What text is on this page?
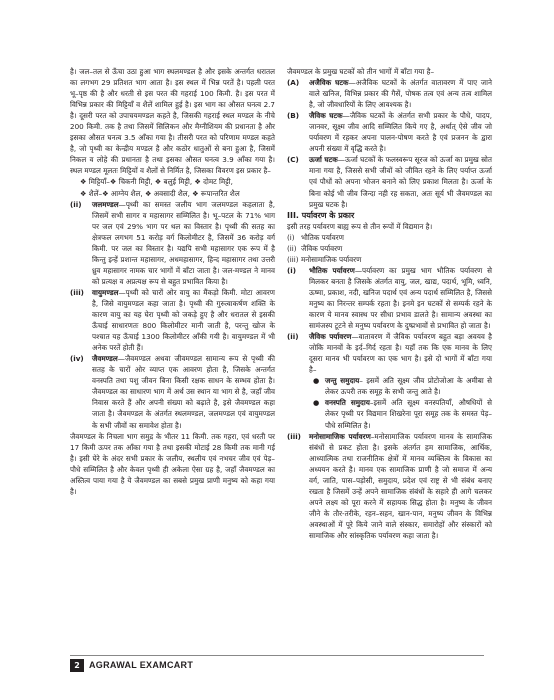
है। जल–तल से ऊँचा उठा हुआ भाग स्थलमण्डल है और इसके अन्तर्गत धरातल का लगभग 29 प्रतिशत भाग आता है। इस स्थल में भिन्न परतें है। पहली परत भू–पृष्ठ की है और धरती से इस परत की गहराई 100 किमी. है। इस परत में विभिन्न प्रकार की मिट्टियाँ व शैलें शामिल हुई है। इस भाग का औसत घनत्व 2.7 है। दूसरी परत को उपाचयमण्डल कहते है, जिसकी गहराई स्थल मण्डल के नीचे 200 किमी. तक है तथा जिसमें सिलिकन और मैग्नीशियम की प्रधानता है और इसका औसत घनत्व 3.5 आँका गया है। तीसरी परत को परिणाम मण्डल कहते है, जो पृथ्वी का केन्द्रीय मण्डल है और कठोर धातुओं से बना हुआ है, जिसमें निकल व लोहे की प्रधानता है तथा इसका औसत घनत्व 3.9 आँका गया है। स्थल मण्डल मूलतः मिट्टियों व शैलों से निर्मित है, जिसका विवरण इस प्रकार है–

❖ मिट्टियाँ–❖ चिकनी मिट्टी, ❖ बलुई मिट्टी, ❖ दोमट मिट्टी,

❖ शैलें–❖ आग्नेय शैल, ❖ अवसादी शैल, ❖ रूपान्तरित शैल

(ii) जलमण्डल—पृथ्वी का समस्त जलीय भाग जलमण्डल कहलाता है, जिसमें सभी सागर व महासागर सम्मिलित है। भू–पटल के 71% भाग पर जल एवं 29% भाग पर थल का विस्तार है। पृथ्वी की सतह का क्षेत्रफल लगभग 51 करोड़ वर्ग किलोमीटर है, जिसमें 36 करोड़ वर्ग किमी. पर जल का विस्तार है। यद्यपि सभी महासागर एक रूप में है किन्तु इन्हें प्रशान्त महासागर, अधमहासागर, हिन्द महासागर तथा उत्तरी ध्रुव महासागर नामक चार भागों में बाँटा जाता है। जल-मण्डल ने मानव को प्रत्यक्ष व अप्रत्यक्ष रूप से बहुत प्रभावित किया है।

(iii) वायुमण्डल—पृथ्वी को चारों ओर वायु का मैंकड़ो किमी. मोटा आवरण है, जिसे वायुमण्डल कहा जाता है। पृथ्वी की गुरुत्वाकर्षण शक्ति के कारण वायु का यह घेरा पृथ्वी को जकड़े हुए है और धरातल से इसकी ऊँचाई साधारणतः 800 किलोमीटर मानी जाती है, परन्तु खोज के पश्चात यह ऊँचाई 1300 किलोमीटर आँकी गयी है। वायुमण्डल में भी अनेक परतें होती हैं।

(iv) जैवमण्डल—जैवमण्डल अथवा जीवमण्डल सामान्य रूप से पृथ्वी की सतह के चारों ओर व्याप्त एक आवरण होता है, जिसके अन्तर्गत वनस्पति तथा पशु जीवन बिना किसी रक्षक साधन के सम्भव होता है। जैवमण्डल का साधारण भाग में अर्थ उस स्थान या भाग से है, जहाँ जीव निवास करते हैं और अपनी संख्या को बढ़ाते है, इसे जैवमण्डल कहा जाता है। जैवमण्डल के अंतर्गत स्थलमण्डल, जलमण्डल एवं वायुमण्डल के सभी जीवों का समावेश होता है।

जैवमण्डल के निचला भाग समुद्र के भीतर 11 किमी. तक गहरा, एवं धरती पर 17 किमी ऊपर तक आँका गया है तथा इसकी मोटाई 28 किमी तक मानी गई है। इसी घेरे के अंदर सभी प्रकार के जलीय, स्थलीय एवं नभचर जीव एवं पेड़–पौधे सम्मिलित है और केवल पृथ्वी ही अकेला ऐसा ग्रह है, जहाँ जैवमण्डल का अस्तित्व पाया गया है ये जैवमण्डल का सबसे प्रमुख प्राणी मनुष्य को कहा गया है।

जैवमण्डल के प्रमुख घटकों को तीन भागों में बाँटा गया है–

(A) अजैविक घटक—अजैविक घटकों के अंतर्गत वातावरण में पाए जाने वाले खनिज, विभिन्न प्रकार की गैसें, पोषक तत्व एवं अन्य तत्व शामिल है, जो जीवधारियों के लिए आवश्यक है।

(B) जैविक घटक—जैविक घटकों के अंतर्गत सभी प्रकार के पौधे, पादप, जानवर, सूक्ष्म जीव आदि सम्मिलित किये गए है, अर्थात् ऐसे जीव जो पर्यावरण में रहकर अपना पालन-पोषण करते है एवं प्रजनन के द्वारा अपनी संख्या में वृद्धि करते है।

(C) ऊर्जा घटक—ऊर्जा घटकों के फलस्वरूप सूरज को ऊर्जा का प्रमुख स्रोत माना गया है, जिससे सभी जीवों को जीवित रहने के लिए पर्याप्त ऊर्जा एवं पौधों को अपना भोजन बनाने को लिए प्रकाश मिलता है। ऊर्जा के बिना कोई भी जीव जिन्दा नही रह सकता, अतः सूर्य भी जैवमण्डल का प्रमुख घटक है।

III. पर्यावरण के प्रकार

इसी तरह पर्यावरण बाह्य रूप से तीन रूपों में विद्यमान है।

(i) भौतिक पर्यावरण

(ii) जैविक पर्यावरण

(iii) मनोसामाजिक पर्यावरण

(i) भौतिक पर्यावरण—पर्यावरण का प्रमुख भाग भौतिक पर्यावरण से मिलकर बनता है जिसके अंतर्गत वायु, जल, खाद्य, पदार्थ, भूमि, ध्वनि, ऊष्मा, प्रकाश, नदी, खनिज पदार्थ एवं अन्य पदार्थ सम्मिलित है, जिससे मनुष्य का निरन्तर सम्पर्क रहता है। इनमे इन घटकों से सम्पर्क रहने के कारण ये मानव स्वास्थ पर सीधा प्रभाव डालते है। सामान्य अवस्था का सामंजस्य टूटने से मनुष्य पर्यावरण के दुष्प्रभावों से प्रभावित हो जाता है।

(ii) जैविक पर्यावरण—वातावरण में जैविक पर्यावरण बहुत बड़ा अवयव है जोकि मानवों के इर्द–गिर्द रहता है। यहाँ तक कि एक मानव के लिए दूसरा मानव भी पर्यावरण का एक भाग है। इसे दो भागों में बाँटा गया है–

● जन्तु समुदाय– इसमें अति सूक्ष्म जीव प्रोटोजोआ के अमीबा से लेकर ऊपरी तक समूह के सभी जन्तु आते है।

● वनस्पति समुदाय–इसमें अति सूक्ष्म वनस्पतियाँ, औषधियों से लेकर पृथ्वी पर विद्यमान शिखरेना पूरा समूह तक के समस्त पेड़–पौधे सम्मिलित है।

(iii) मनोसामाजिक पर्यावरण–मनोसामाजिक पर्यावरण मानव के सामाजिक संबंधों से प्रकट होता है। इसके अंतर्गत हम सामाजिक, आर्थिक, आध्यात्मिक तथा राजनीतिक क्षेत्रों में मानव व्यक्तित्व के विकास का अध्ययन करते है। मानव एक सामाजिक प्राणी है जो समाज में अन्य वर्ग, जाति, पास–पड़ोसी, समुदाय, प्रदेश एवं राष्ट्र से भी संबंध बनाए रखता है जिसमें उन्हें अपने सामाजिक संबंधों के सहारे ही आगे चलकर अपने लक्ष्य को पूरा करने में सहायक सिद्ध होता है। मनुष्य के जीवन जीने के तौर-तरीके, रहन–सहन, खान-पान, मनुष्य जीवन के विभिन्न अवस्थाओं में पूरे किये जाने वाले संस्कार, समारोहों और संस्कारों को सामाजिक और सांस्कृतिक पर्यावरण कहा जाता है।

2	AGRAWAL EXAMCART
